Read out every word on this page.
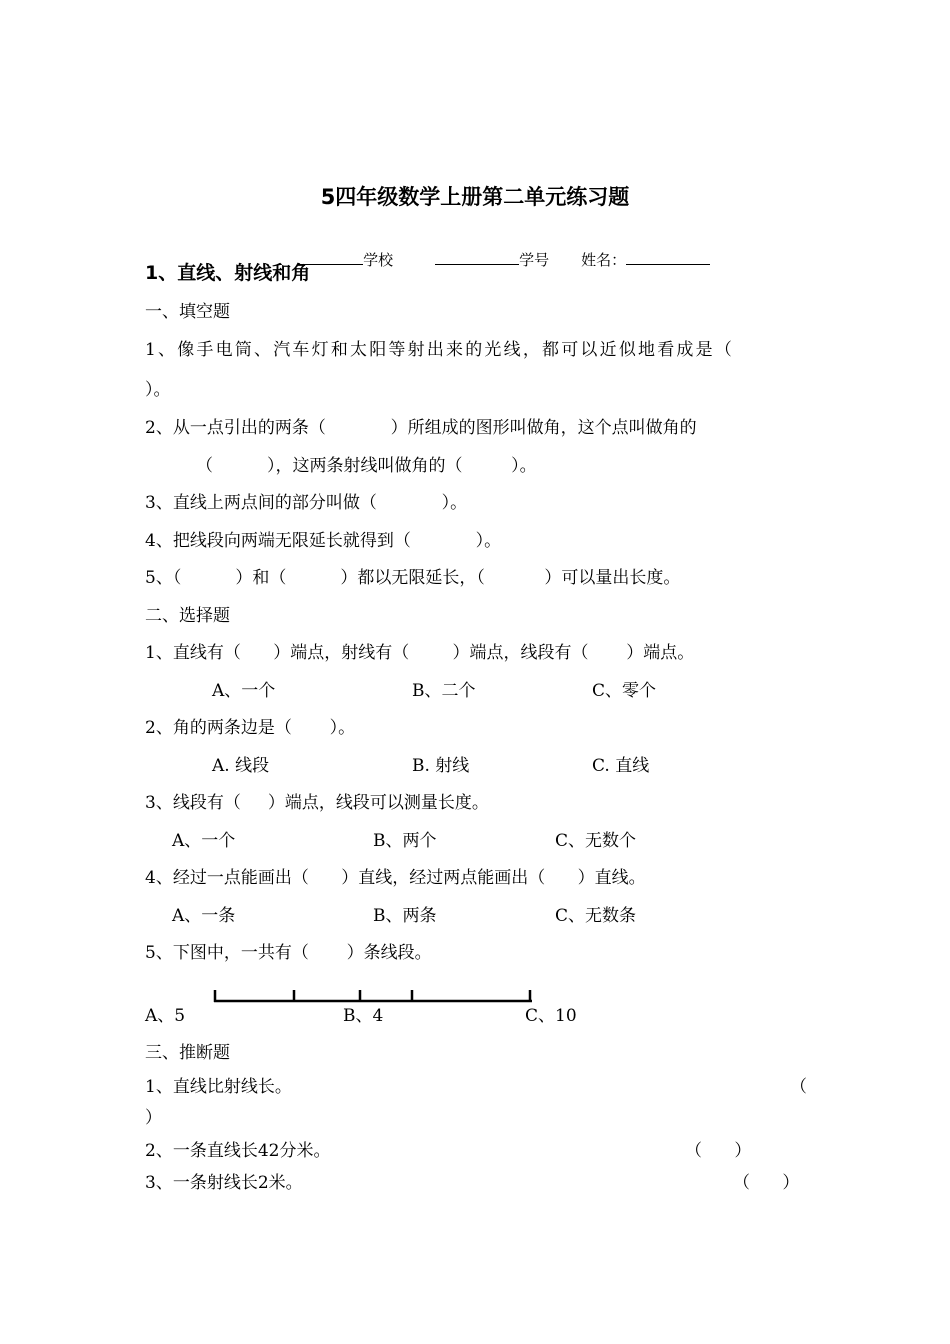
5四年级数学上册第二单元练习题

学校	学号 姓名：

1、直线、射线和角
一、填空题
1、像手电筒、汽车灯和太阳等射出来的光线，都可以近似地看成是（
）。
2、从一点引出的两条（            ）所组成的图形叫做角，这个点叫做角的
（          ），这两条射线叫做角的（         ）。
3、直线上两点间的部分叫做（            ）。
4、把线段向两端无限延长就得到（            ）。
5、（          ）和（          ）都以无限延长，（           ）可以量出长度。
二、选择题
1、直线有（      ）端点，射线有（        ）端点，线段有（       ）端点。
A、一个	B、二个	C、零个
2、角的两条边是（       ）。
A. 线段	B. 射线	C. 直线
3、线段有（     ）端点，线段可以测量长度。
A、一个	B、两个	C、无数个
4、经过一点能画出（      ）直线，经过两点能画出（      ）直线。
A、一条	B、两条	C、无数条
5、下图中，一共有（       ）条线段。
A、5	B、4	C、10
三、推断题
1、直线比射线长。	（
）
2、一条直线长42分米。	（      ）
3、一条射线长2米。	（      ）
